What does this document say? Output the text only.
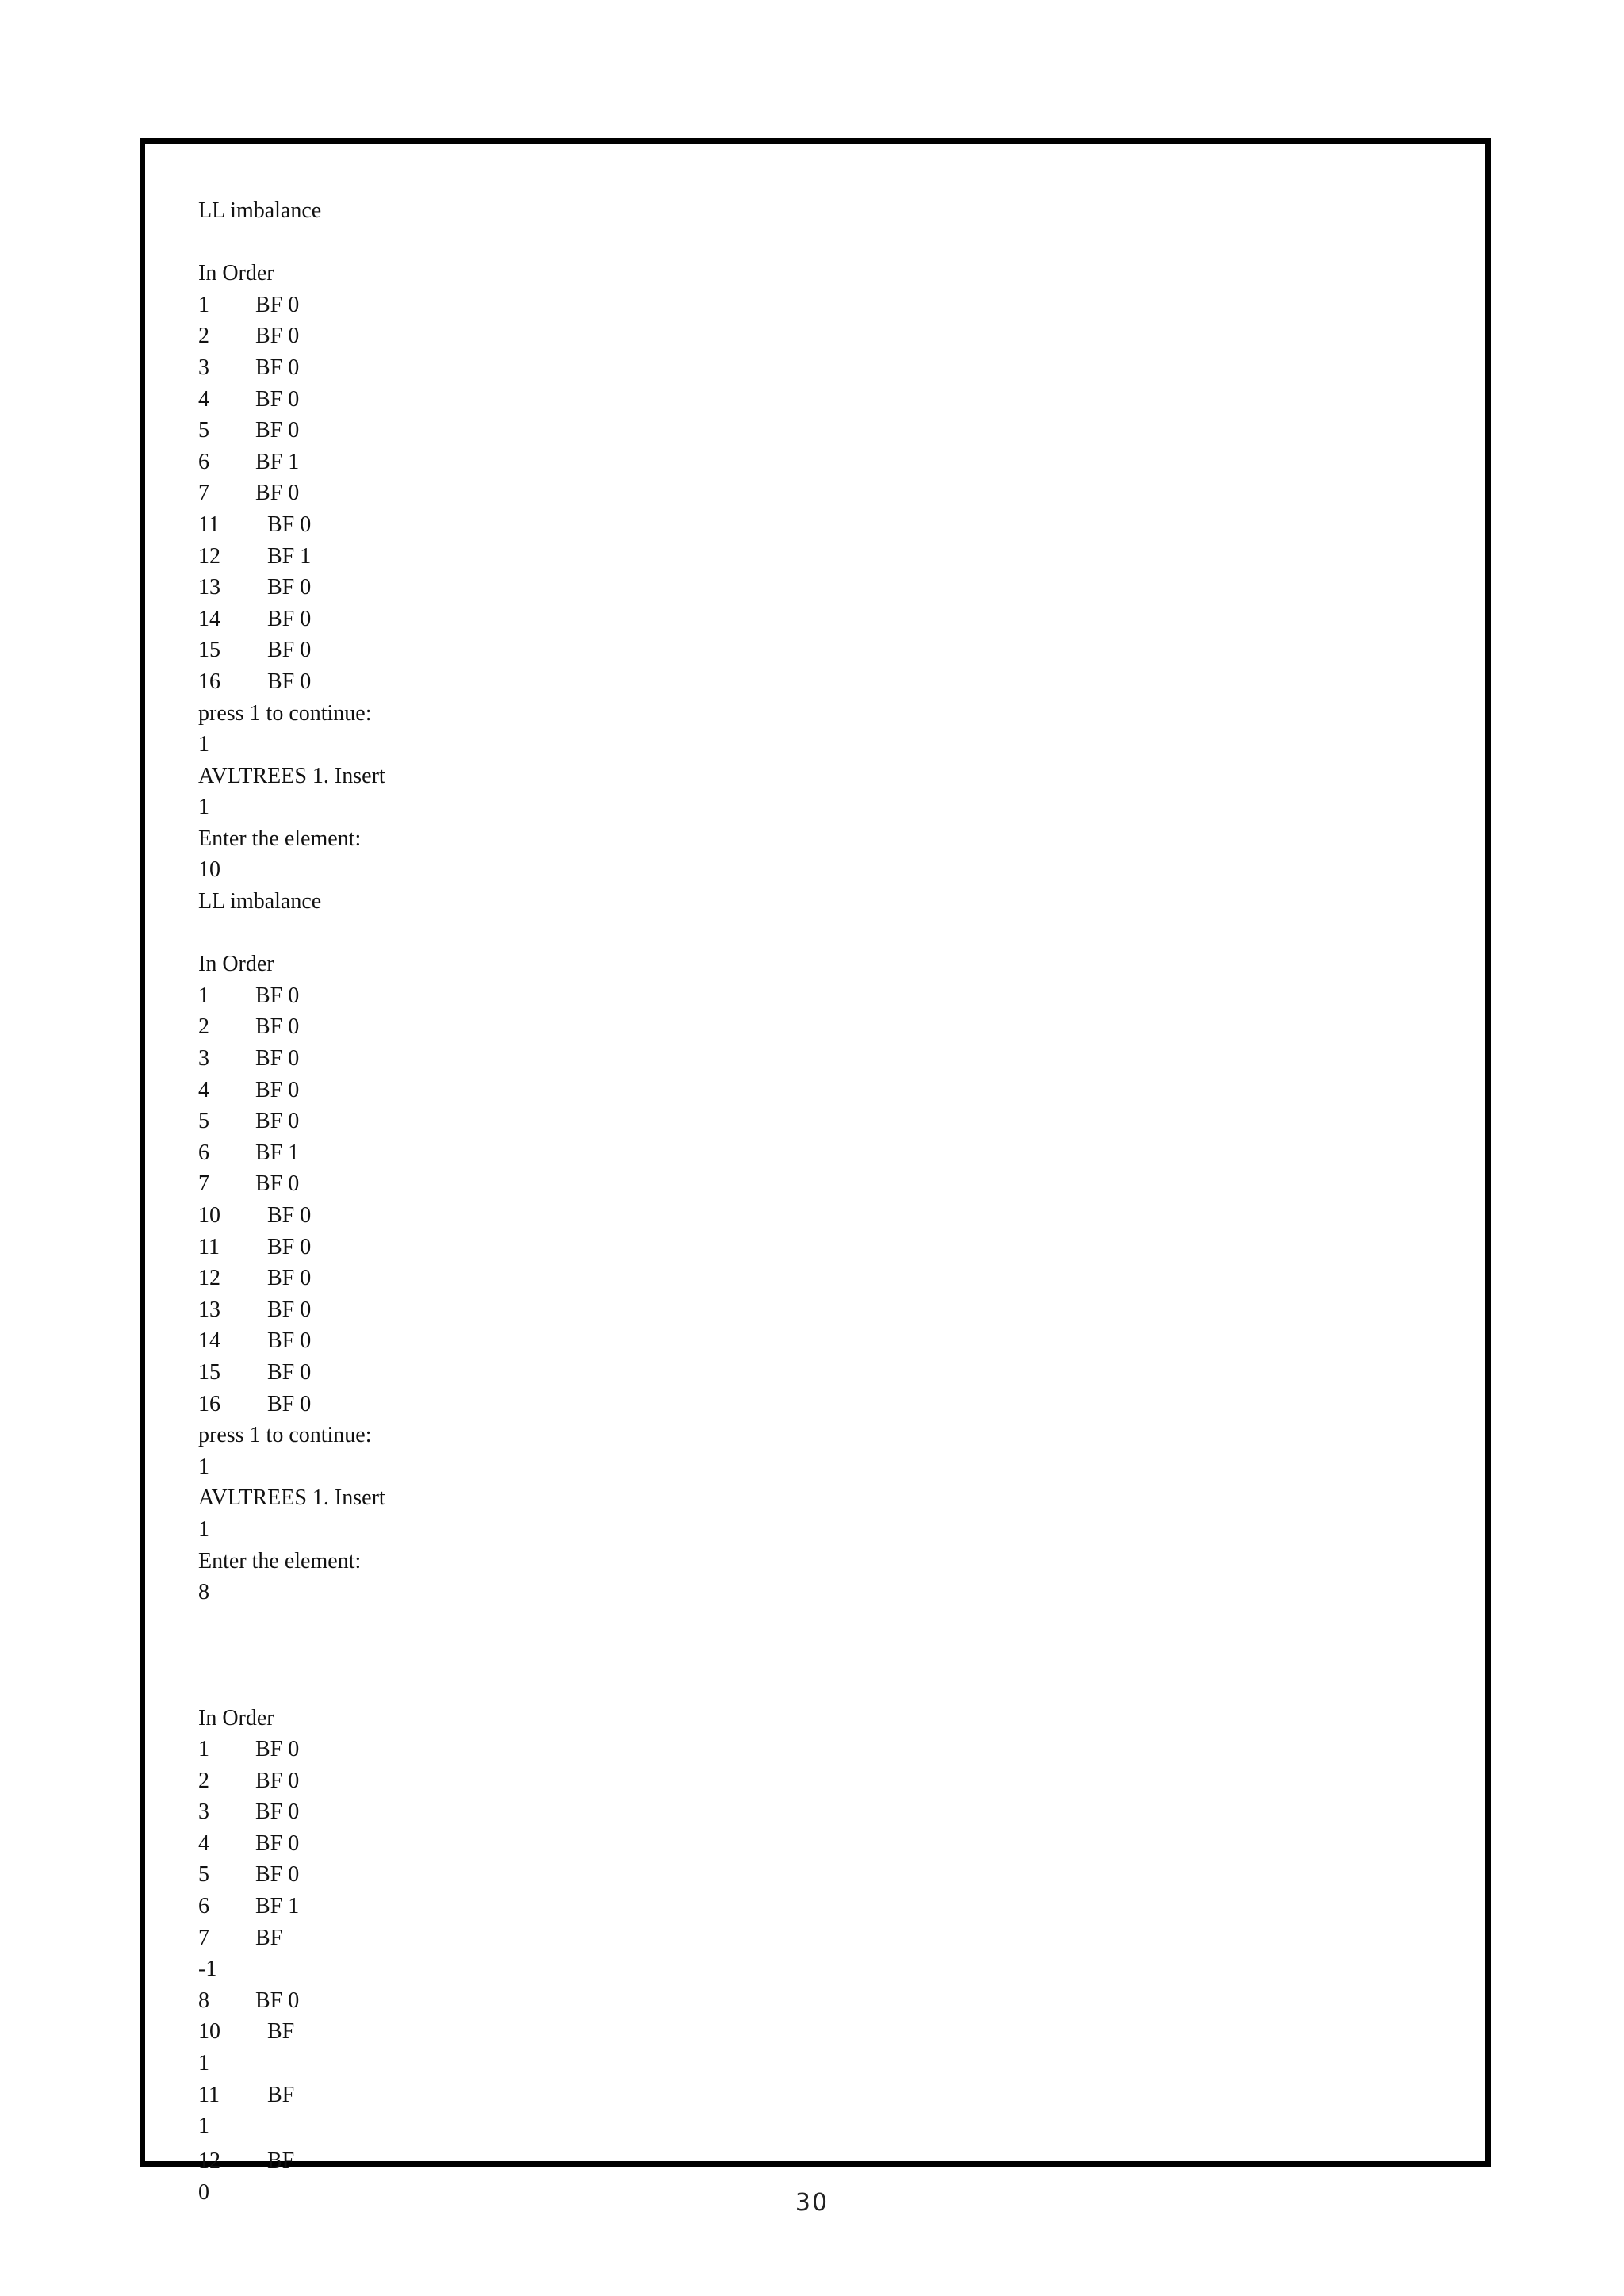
LL imbalance
In Order
1 BF 0
2 BF 0
3 BF 0
4 BF 0
5 BF 0
6 BF 1
7 BF 0
11 BF 0
12 BF 1
13 BF 0
14 BF 0
15 BF 0
16 BF 0
press 1 to continue:
1
AVLTREES 1. Insert
1
Enter the element:
10
LL imbalance
In Order
1 BF 0
2 BF 0
3 BF 0
4 BF 0
5 BF 0
6 BF 1
7 BF 0
10 BF 0
11 BF 0
12 BF 0
13 BF 0
14 BF 0
15 BF 0
16 BF 0
press 1 to continue:
1
AVLTREES 1. Insert
1
Enter the element:
8
In Order
1 BF 0
2 BF 0
3 BF 0
4 BF 0
5 BF 0
6 BF 1
7 BF
-1
8 BF 0
10 BF
1
11 BF
1
12 BF
0	30
